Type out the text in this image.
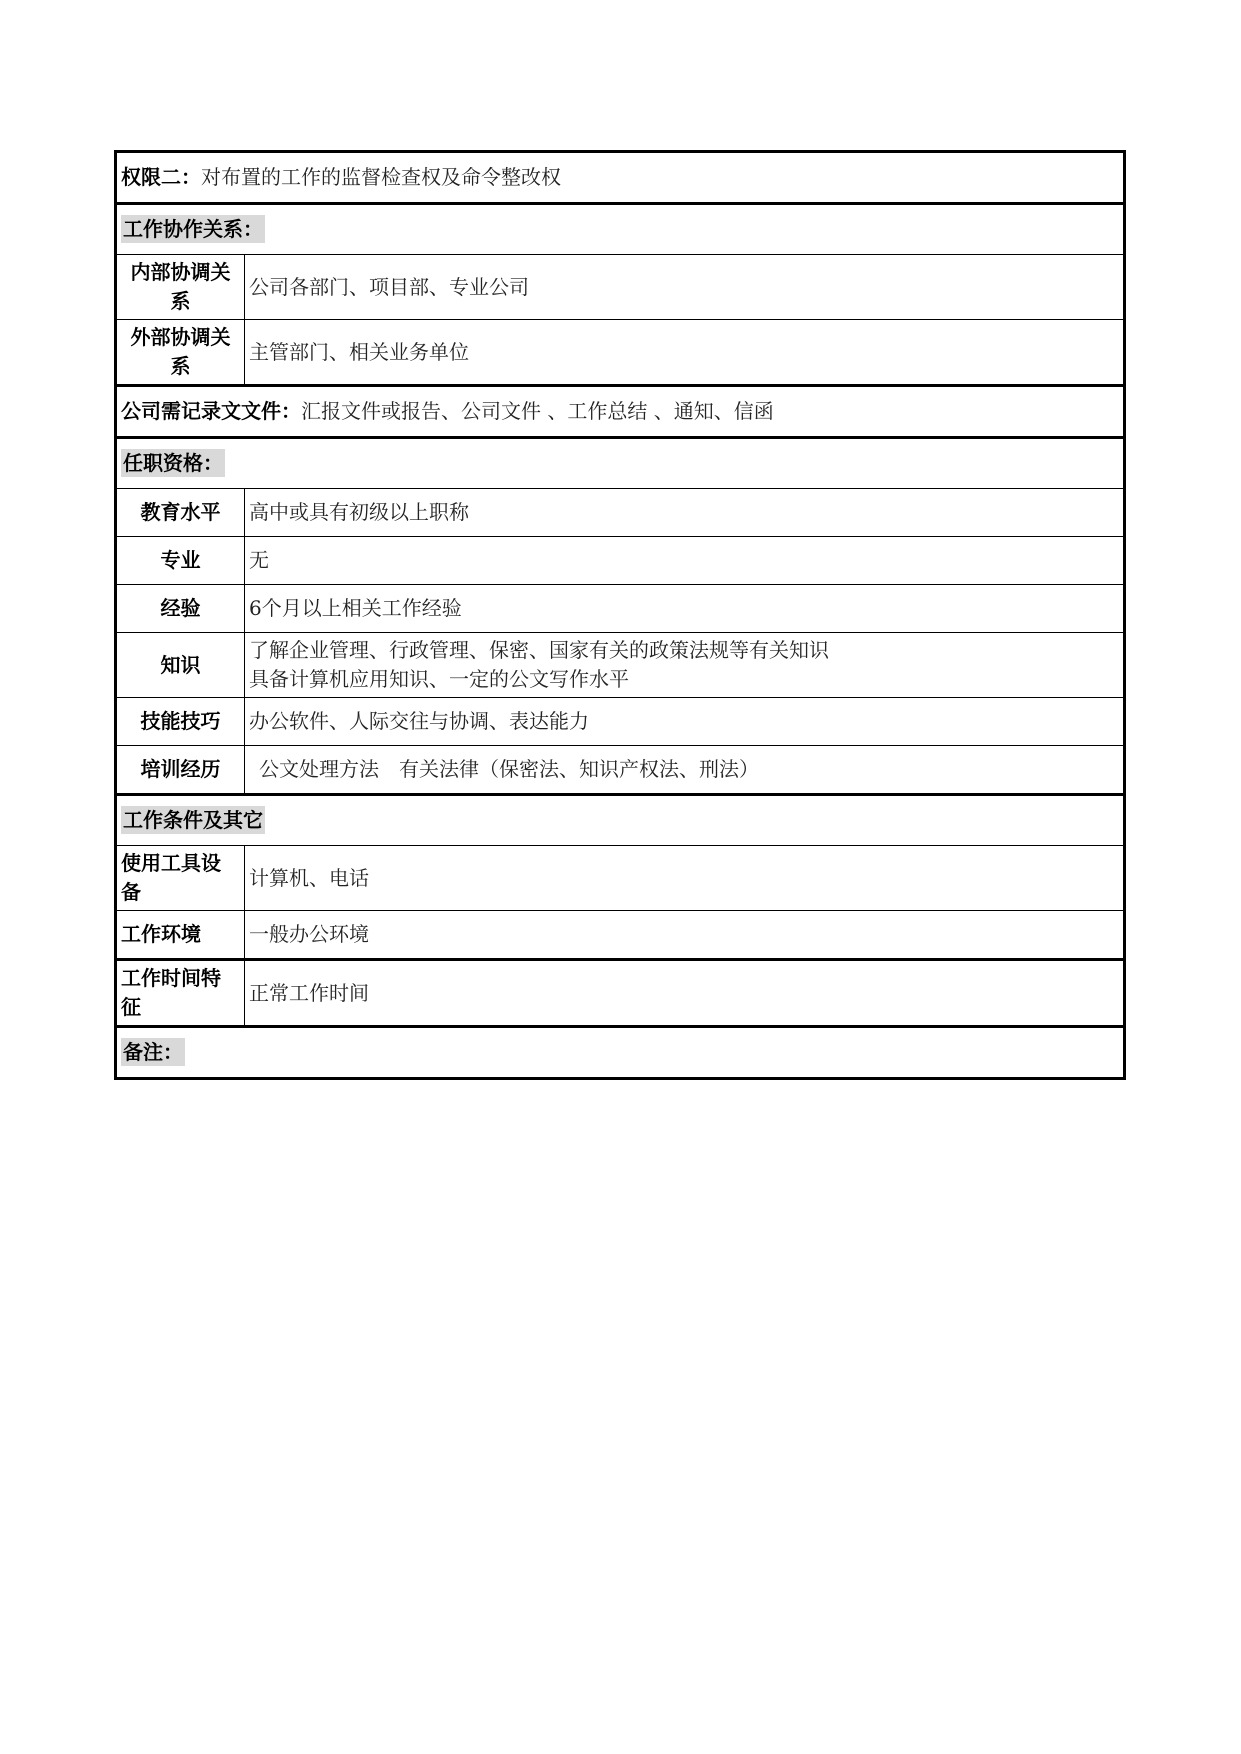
权限二：对布置的工作的监督检查权及命令整改权	
工作协作关系：	
内部协调关系	公司各部门、项目部、专业公司
外部协调关系	主管部门、相关业务单位
公司需记录文文件：汇报文件或报告、公司文件 、工作总结 、通知、信函	
任职资格：	
教育水平	高中或具有初级以上职称
专业	无
经验	6个月以上相关工作经验
知识	了解企业管理、行政管理、保密、国家有关的政策法规等有关知识
具备计算机应用知识、一定的公文写作水平

技能技巧	办公软件、人际交往与协调、表达能力
培训经历	公文处理方法　有关法律（保密法、知识产权法、刑法）
工作条件及其它	
使用工具设备	计算机、电话
工作环境	一般办公环境
工作时间特征	正常工作时间
备注：	
